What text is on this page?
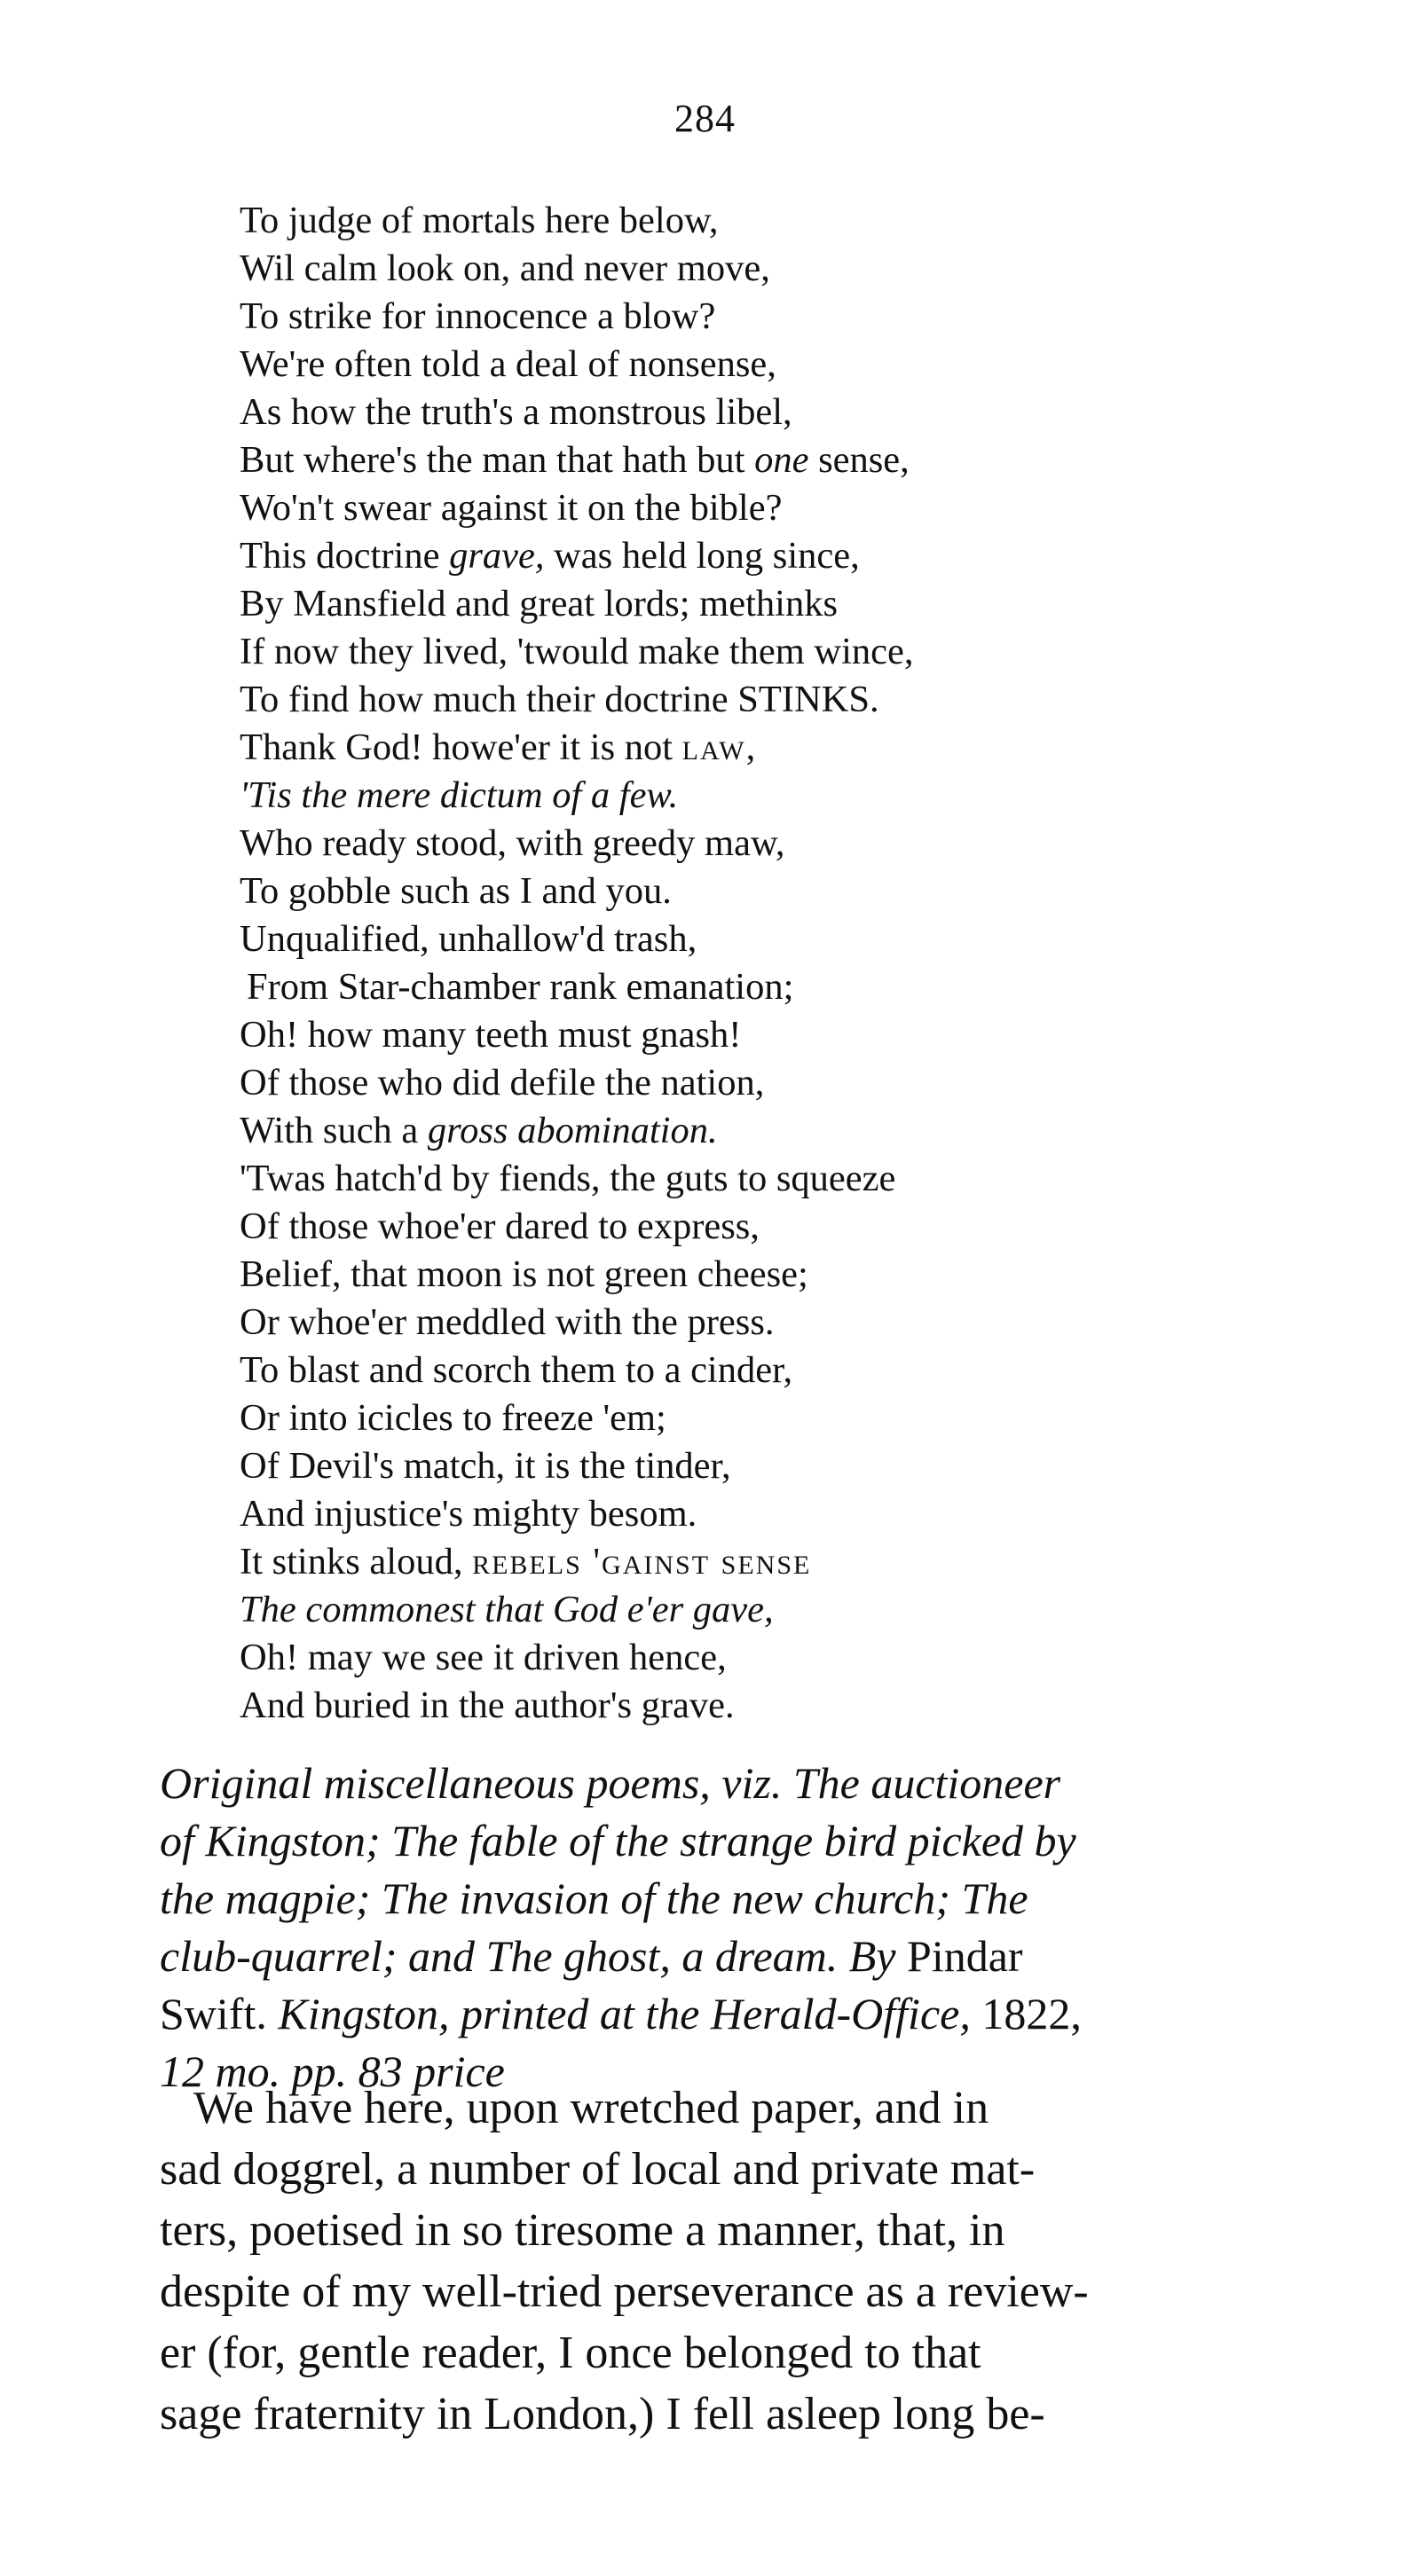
284
To judge of mortals here below,
Wil calm look on, and never move,
To strike for innocence a blow?
We're often told a deal of nonsense,
As how the truth's a monstrous libel,
But where's the man that hath but one sense,
Wo'n't swear against it on the bible?
This doctrine grave, was held long since,
By Mansfield and great lords; methinks
If now they lived, 'twould make them wince,
To find how much their doctrine STINKS.
Thank God! howe'er it is not law,
'Tis the mere dictum of a few.
Who ready stood, with greedy maw,
To gobble such as I and you.
Unqualified, unhallow'd trash,
From Star-chamber rank emanation;
Oh! how many teeth must gnash!
Of those who did defile the nation,
With such a gross abomination.
'Twas hatch'd by fiends, the guts to squeeze
Of those whoe'er dared to express,
Belief, that moon is not green cheese;
Or whoe'er meddled with the press.
To blast and scorch them to a cinder,
Or into icicles to freeze 'em;
Of Devil's match, it is the tinder,
And injustice's mighty besom.
It stinks aloud, rebels 'gainst sense
The commonest that God e'er gave,
Oh! may we see it driven hence,
And buried in the author's grave.
Original miscellaneous poems, viz. The auctioneer
of Kingston; The fable of the strange bird picked by
the magpie; The invasion of the new church; The
club-quarrel; and The ghost, a dream. By Pindar
Swift. Kingston, printed at the Herald-Office, 1822,
12 mo. pp. 83 price
We have here, upon wretched paper, and in
sad doggrel, a number of local and private mat-
ters, poetised in so tiresome a manner, that, in
despite of my well-tried perseverance as a review-
er (for, gentle reader, I once belonged to that
sage fraternity in London,) I fell asleep long be-
